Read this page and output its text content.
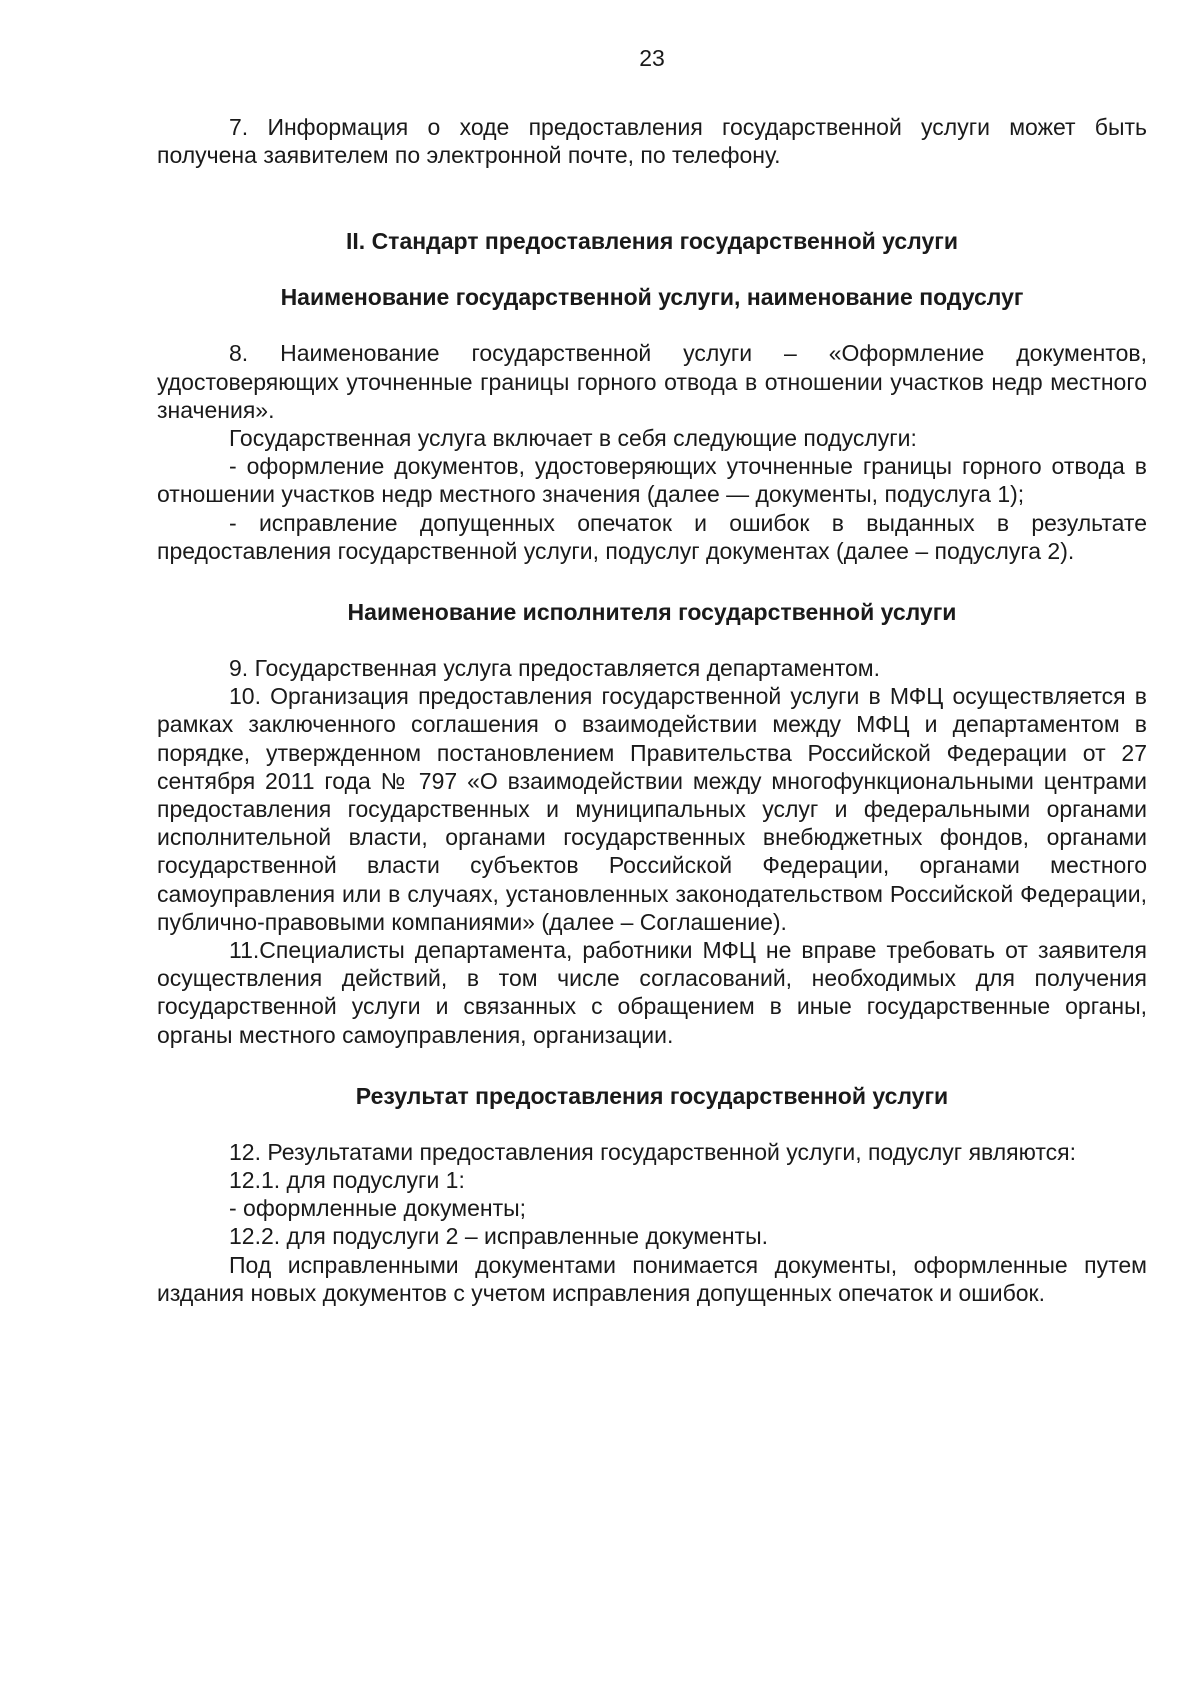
23

7. Информация о ходе предоставления государственной услуги может быть получена заявителем по электронной почте, по телефону.

II. Стандарт предоставления государственной услуги
Наименование государственной услуги, наименование подуслуг

8. Наименование государственной услуги – «Оформление документов, удостоверяющих уточненные границы горного отвода в отношении участков недр местного значения».

Государственная услуга включает в себя следующие подуслуги:

- оформление документов, удостоверяющих уточненные границы горного отвода в отношении участков недр местного значения (далее — документы, подуслуга 1);

- исправление допущенных опечаток и ошибок в выданных в результате предоставления государственной услуги, подуслуг документах (далее – подуслуга 2).

Наименование исполнителя государственной услуги

9. Государственная услуга предоставляется департаментом.

10. Организация предоставления государственной услуги в МФЦ осуществляется в рамках заключенного соглашения о взаимодействии между МФЦ и департаментом в порядке, утвержденном постановлением Правительства Российской Федерации от 27 сентября 2011 года № 797 «О взаимодействии между многофункциональными центрами предоставления государственных и муниципальных услуг и федеральными органами исполнительной власти, органами государственных внебюджетных фондов, органами государственной власти субъектов Российской Федерации, органами местного самоуправления или в случаях, установленных законодательством Российской Федерации, публично-правовыми компаниями» (далее – Соглашение).

11.Специалисты департамента, работники МФЦ не вправе требовать от заявителя осуществления действий, в том числе согласований, необходимых для получения государственной услуги и связанных с обращением в иные государственные органы, органы местного самоуправления, организации.

Результат предоставления государственной услуги

12. Результатами предоставления государственной услуги, подуслуг являются:

12.1. для подуслуги 1:

- оформленные документы;

12.2. для подуслуги 2 – исправленные документы.

Под исправленными документами понимается документы, оформленные путем издания новых документов с учетом исправления допущенных опечаток и ошибок.
